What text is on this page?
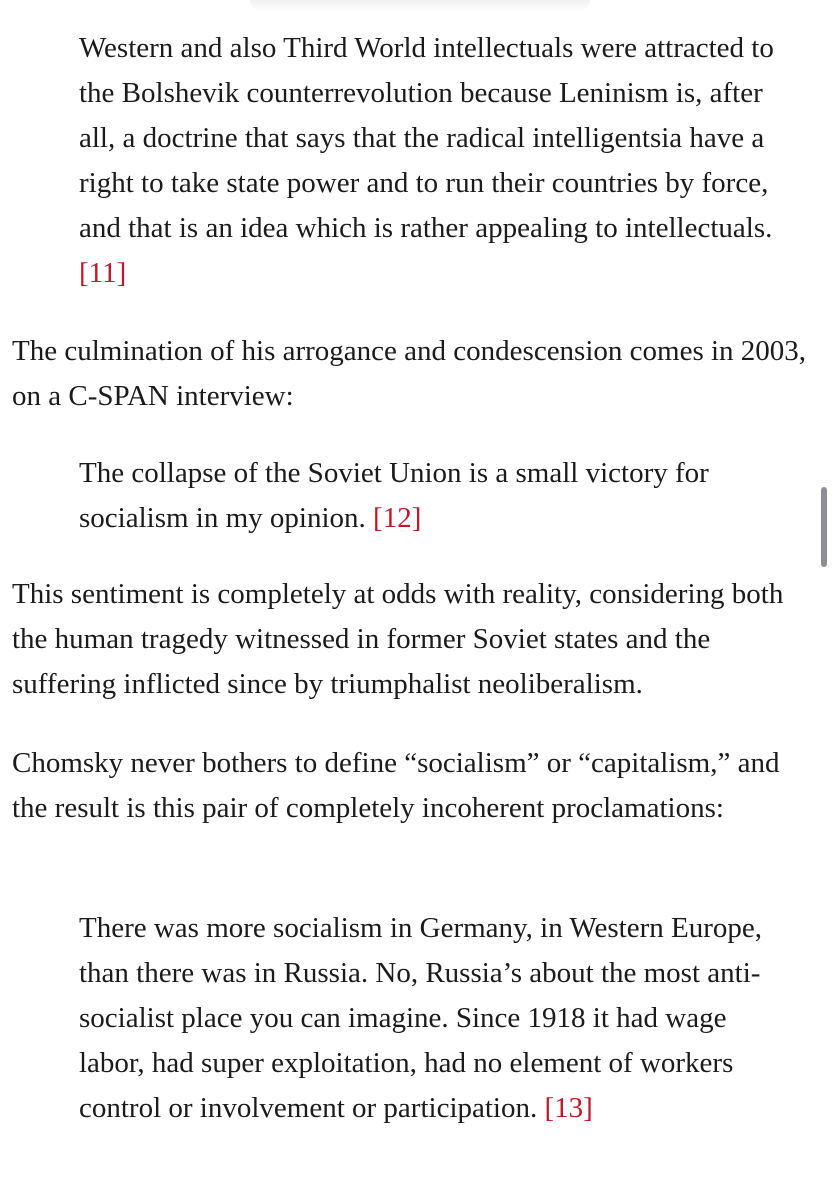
Western and also Third World intellectuals were attracted to the Bolshevik counterrevolution because Leninism is, after all, a doctrine that says that the radical intelligentsia have a right to take state power and to run their countries by force, and that is an idea which is rather appealing to intellectuals. [11]

The culmination of his arrogance and condescension comes in 2003, on a C-SPAN interview:

The collapse of the Soviet Union is a small victory for socialism in my opinion. [12]

This sentiment is completely at odds with reality, considering both the human tragedy witnessed in former Soviet states and the suffering inflicted since by triumphalist neoliberalism.

Chomsky never bothers to define “socialism” or “capitalism,” and the result is this pair of completely incoherent proclamations:

There was more socialism in Germany, in Western Europe, than there was in Russia. No, Russia’s about the most anti-socialist place you can imagine. Since 1918 it had wage labor, had super exploitation, had no element of workers control or involvement or participation. [13]
